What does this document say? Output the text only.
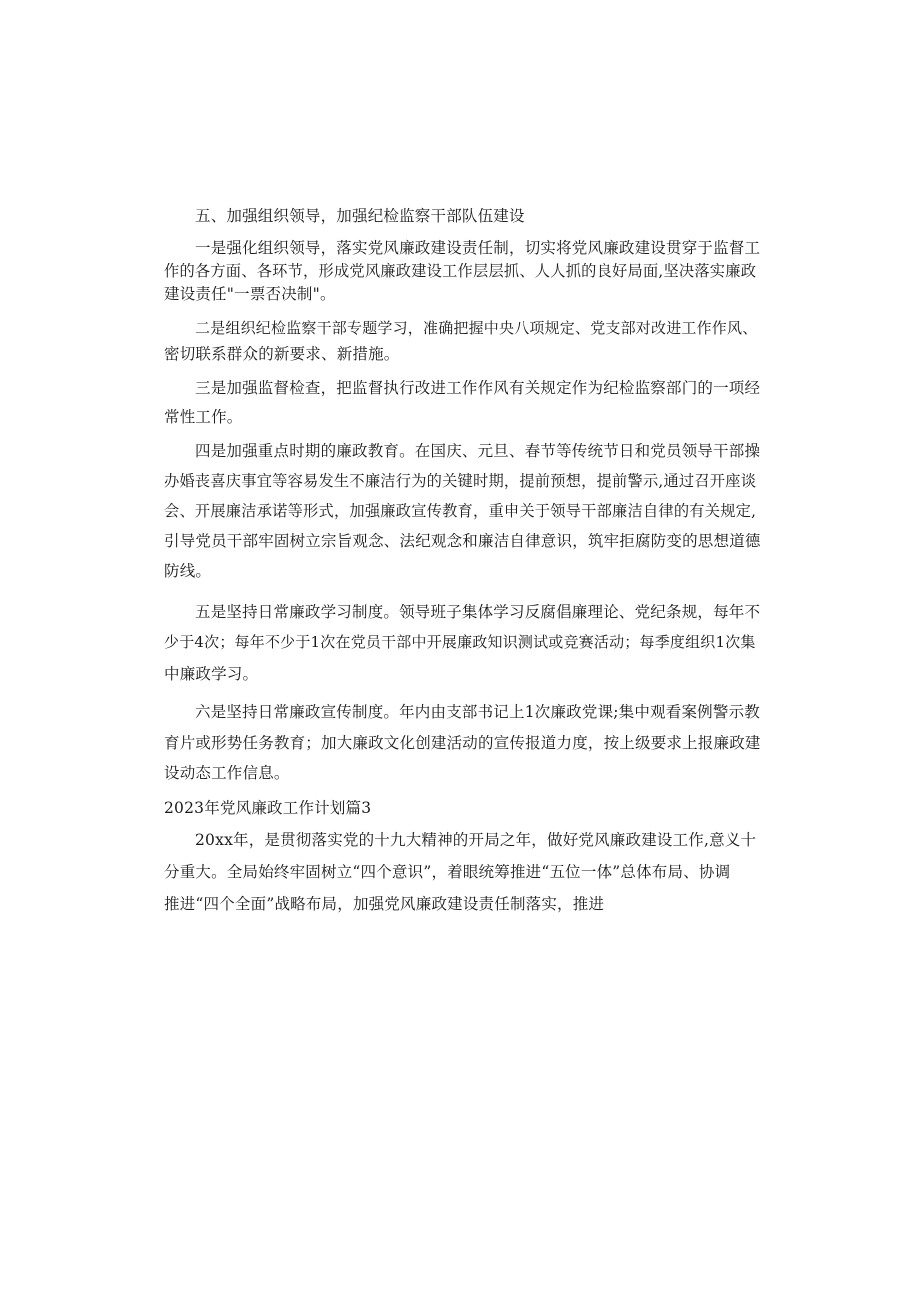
五、加强组织领导，加强纪检监察干部队伍建设
一是强化组织领导，落实党风廉政建设责任制，切实将党风廉政建设贯穿于监督工
作的各方面、各环节，形成党风廉政建设工作层层抓、人人抓的良好局面,坚决落实廉政
建设责任"一票否决制"。
二是组织纪检监察干部专题学习，准确把握中央八项规定、党支部对改进工作作风、
密切联系群众的新要求、新措施。
三是加强监督检查，把监督执行改进工作作风有关规定作为纪检监察部门的一项经
常性工作。
四是加强重点时期的廉政教育。在国庆、元旦、春节等传统节日和党员领导干部操
办婚丧喜庆事宜等容易发生不廉洁行为的关键时期，提前预想，提前警示,通过召开座谈
会、开展廉洁承诺等形式，加强廉政宣传教育，重申关于领导干部廉洁自律的有关规定,
引导党员干部牢固树立宗旨观念、法纪观念和廉洁自律意识，筑牢拒腐防变的思想道德
防线。
五是坚持日常廉政学习制度。领导班子集体学习反腐倡廉理论、党纪条规，每年不
少于4次；每年不少于1次在党员干部中开展廉政知识测试或竞赛活动；每季度组织1次集
中廉政学习。
六是坚持日常廉政宣传制度。年内由支部书记上1次廉政党课;集中观看案例警示教
育片或形势任务教育；加大廉政文化创建活动的宣传报道力度，按上级要求上报廉政建
设动态工作信息。
2023年党风廉政工作计划篇3
20xx年，是贯彻落实党的十九大精神的开局之年，做好党风廉政建设工作,意义十
分重大。全局始终牢固树立“四个意识”，着眼统筹推进“五位一体”总体布局、协调
推进“四个全面”战略布局，加强党风廉政建设责任制落实，推进
